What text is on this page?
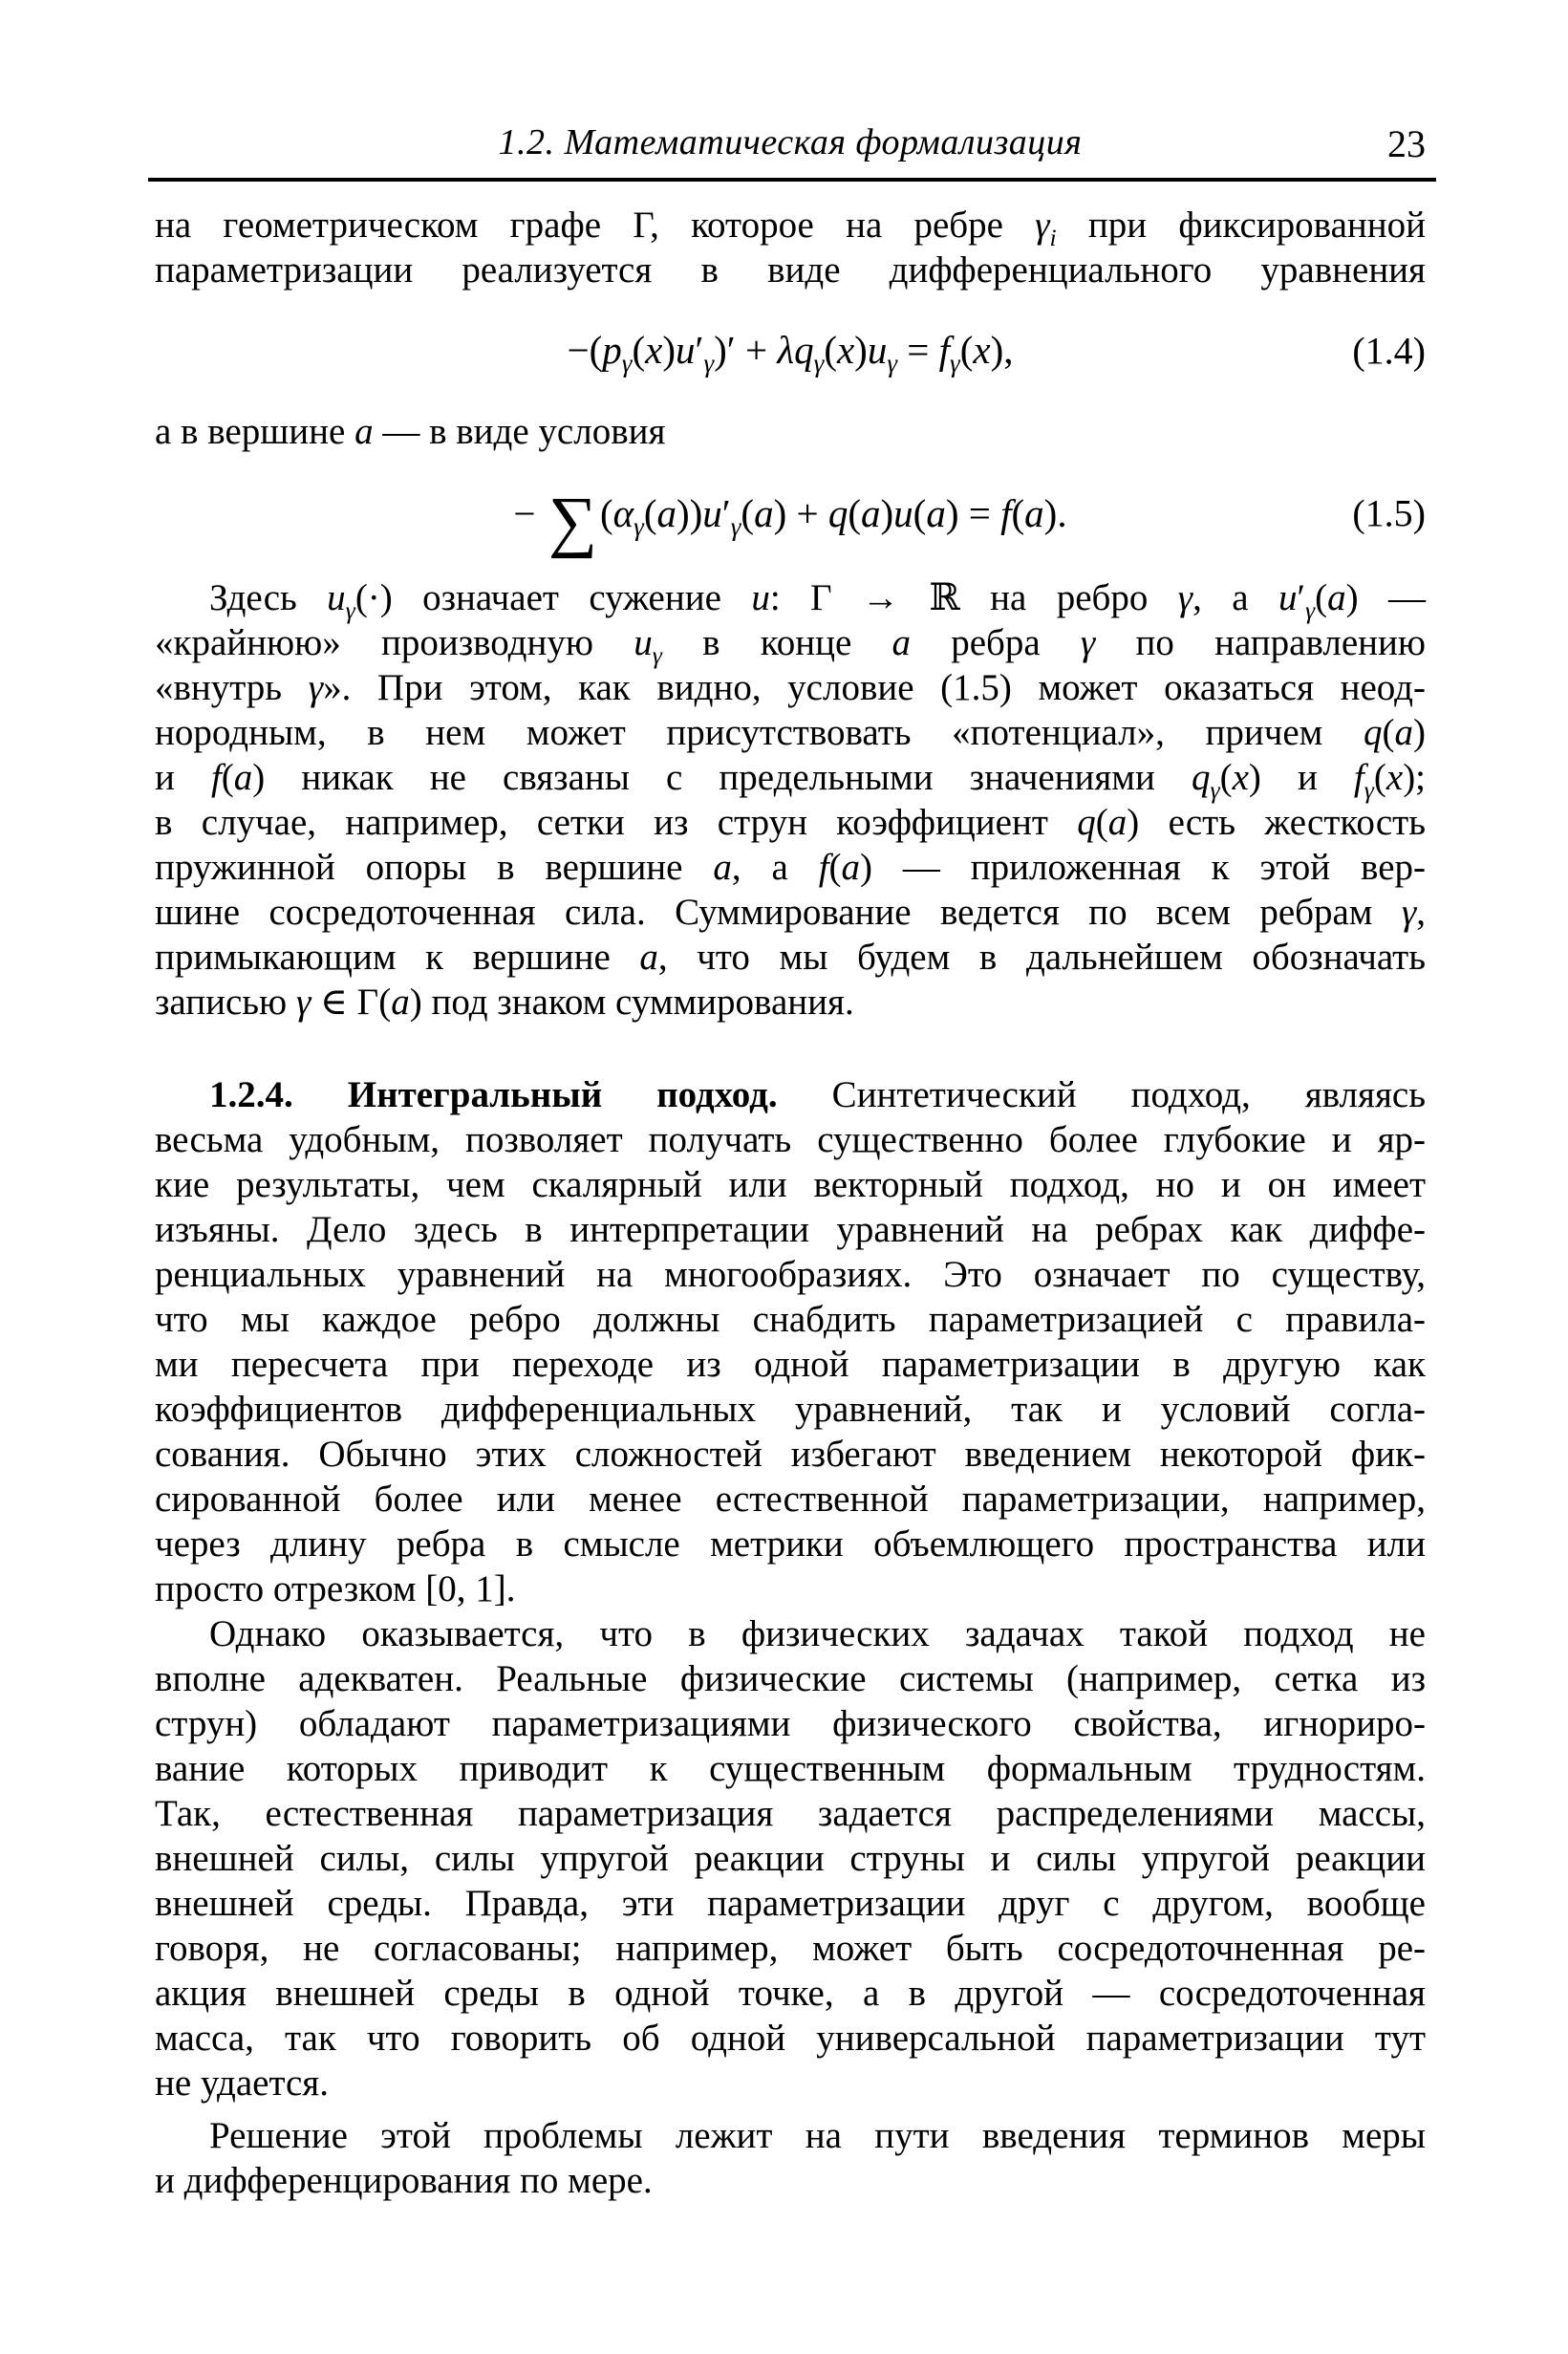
1.2. Математическая формализация	23
на геометрическом графе Γ, которое на ребре $\gamma_i$ при фиксированной
параметризации реализуется в виде дифференциального уравнения
$-(p_\gamma(x)u'_\gamma)' + \lambda q_\gamma(x)u_\gamma = f_\gamma(x)$,	(1.4)
а в вершине a — в виде условия
− $\sum(\alpha_\gamma(a))u'_\gamma(a) + q(a)u(a) = f(a)$.	(1.5)
Здесь $u_\gamma(\cdot)$ означает сужение u: Γ → ℝ на ребро γ, а $u'_\gamma(a)$ —
«крайнюю» производную $u_\gamma$ в конце a ребра γ по направлению
«внутрь γ». При этом, как видно, условие (1.5) может оказаться неод-
нородным, в нем может присутствовать «потенциал», причем q(a)
и f(a) никак не связаны с предельными значениями $q_\gamma(x)$ и $f_\gamma(x)$;
в случае, например, сетки из струн коэффициент q(a) есть жесткость
пружинной опоры в вершине a, а f(a) — приложенная к этой вер-
шине сосредоточенная сила. Суммирование ведется по всем ребрам γ,
примыкающим к вершине a, что мы будем в дальнейшем обозначать
записью γ ∈ Γ(a) под знаком суммирования.
1.2.4. Интегральный подход. Синтетический подход, являясь
весьма удобным, позволяет получать существенно более глубокие и яр-
кие результаты, чем скалярный или векторный подход, но и он имеет
изъяны. Дело здесь в интерпретации уравнений на ребрах как диффе-
ренциальных уравнений на многообразиях. Это означает по существу,
что мы каждое ребро должны снабдить параметризацией с правила-
ми пересчета при переходе из одной параметризации в другую как
коэффициентов дифференциальных уравнений, так и условий согла-
сования. Обычно этих сложностей избегают введением некоторой фик-
сированной более или менее естественной параметризации, например,
через длину ребра в смысле метрики объемлющего пространства или
просто отрезком [0, 1].
Однако оказывается, что в физических задачах такой подход не
вполне адекватен. Реальные физические системы (например, сетка из
струн) обладают параметризациями физического свойства, игнориро-
вание которых приводит к существенным формальным трудностям.
Так, естественная параметризация задается распределениями массы,
внешней силы, силы упругой реакции струны и силы упругой реакции
внешней среды. Правда, эти параметризации друг с другом, вообще
говоря, не согласованы; например, может быть сосредоточненная ре-
акция внешней среды в одной точке, а в другой — сосредоточенная
масса, так что говорить об одной универсальной параметризации тут
не удается.
Решение этой проблемы лежит на пути введения терминов меры
и дифференцирования по мере.
